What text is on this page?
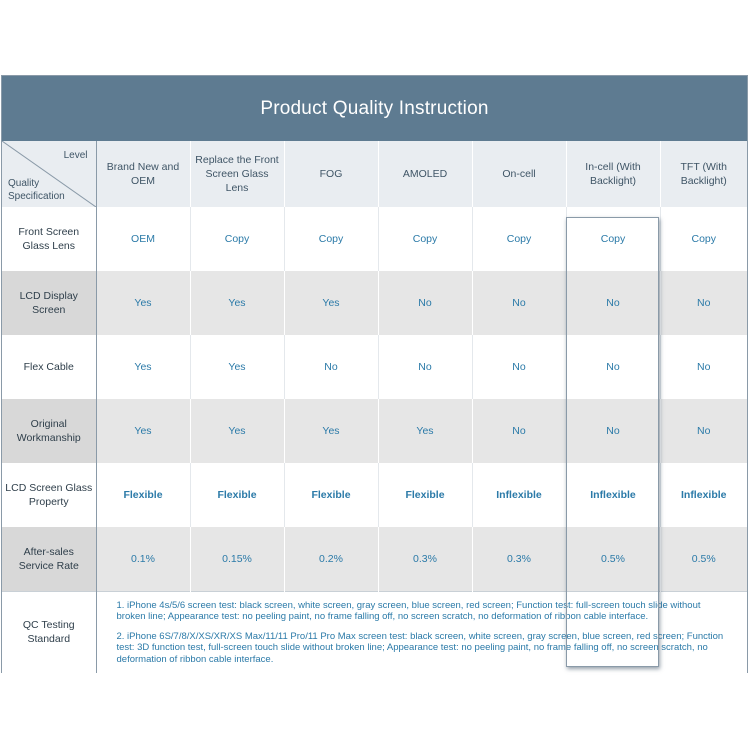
Product Quality Instruction
Level
Quality Specification	Brand New and OEM	Replace the Front Screen Glass Lens	FOG	AMOLED	On-cell	In-cell (With Backlight)	TFT (With Backlight)
Front Screen Glass Lens	OEM	Copy	Copy	Copy	Copy	Copy	Copy
LCD Display Screen	Yes	Yes	Yes	No	No	No	No
Flex Cable	Yes	Yes	No	No	No	No	No
Original Workmanship	Yes	Yes	Yes	Yes	No	No	No
LCD Screen Glass Property	Flexible	Flexible	Flexible	Flexible	Inflexible	Inflexible	Inflexible
After-sales Service Rate	0.1%	0.15%	0.2%	0.3%	0.3%	0.5%	0.5%
QC Testing Standard	1. iPhone 4s/5/6 screen test: black screen, white screen, gray screen, blue screen, red screen; Function test: full-screen touch slide without broken line; Appearance test: no peeling paint, no frame falling off, no screen scratch, no deformation of ribbon cable interface.

2. iPhone 6S/7/8/X/XS/XR/XS Max/11/11 Pro/11 Pro Max screen test: black screen, white screen, gray screen, blue screen, red screen; Function test: 3D function test, full-screen touch slide without broken line; Appearance test: no peeling paint, no frame falling off, no screen scratch, no deformation of ribbon cable interface.						
